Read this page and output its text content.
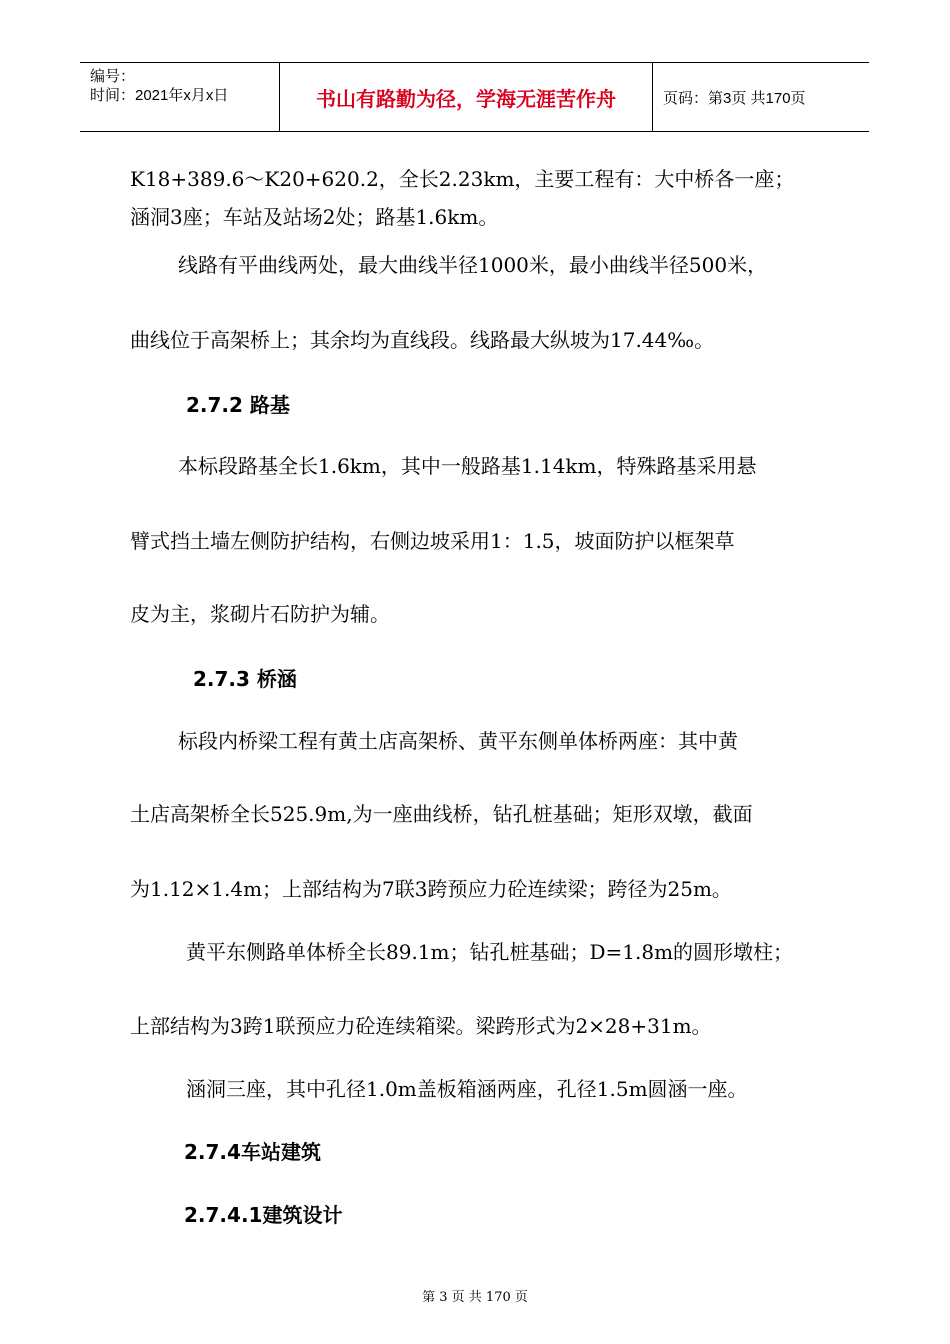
编号：
时间：2021年x月x日	书山有路勤为径，学海无涯苦作舟	页码：第3页 共170页
K18+389.6～K20+620.2，全长2.23km，主要工程有：大中桥各一座；
涵洞3座；车站及站场2处；路基1.6km。
线路有平曲线两处，最大曲线半径1000米，最小曲线半径500米，
曲线位于高架桥上；其余均为直线段。线路最大纵坡为17.44‰。
2.7.2 路基
本标段路基全长1.6km，其中一般路基1.14km，特殊路基采用悬
臂式挡土墙左侧防护结构，右侧边坡采用1：1.5，坡面防护以框架草
皮为主，浆砌片石防护为辅。
2.7.3 桥涵
标段内桥梁工程有黄土店高架桥、黄平东侧单体桥两座：其中黄
土店高架桥全长525.9m,为一座曲线桥，钻孔桩基础；矩形双墩，截面
为1.12×1.4m；上部结构为7联3跨预应力砼连续梁；跨径为25m。
黄平东侧路单体桥全长89.1m；钻孔桩基础；D=1.8m的圆形墩柱；
上部结构为3跨1联预应力砼连续箱梁。梁跨形式为2×28+31m。
涵洞三座，其中孔径1.0m盖板箱涵两座，孔径1.5m圆涵一座。
2.7.4车站建筑
2.7.4.1建筑设计
第 3 页 共 170 页
